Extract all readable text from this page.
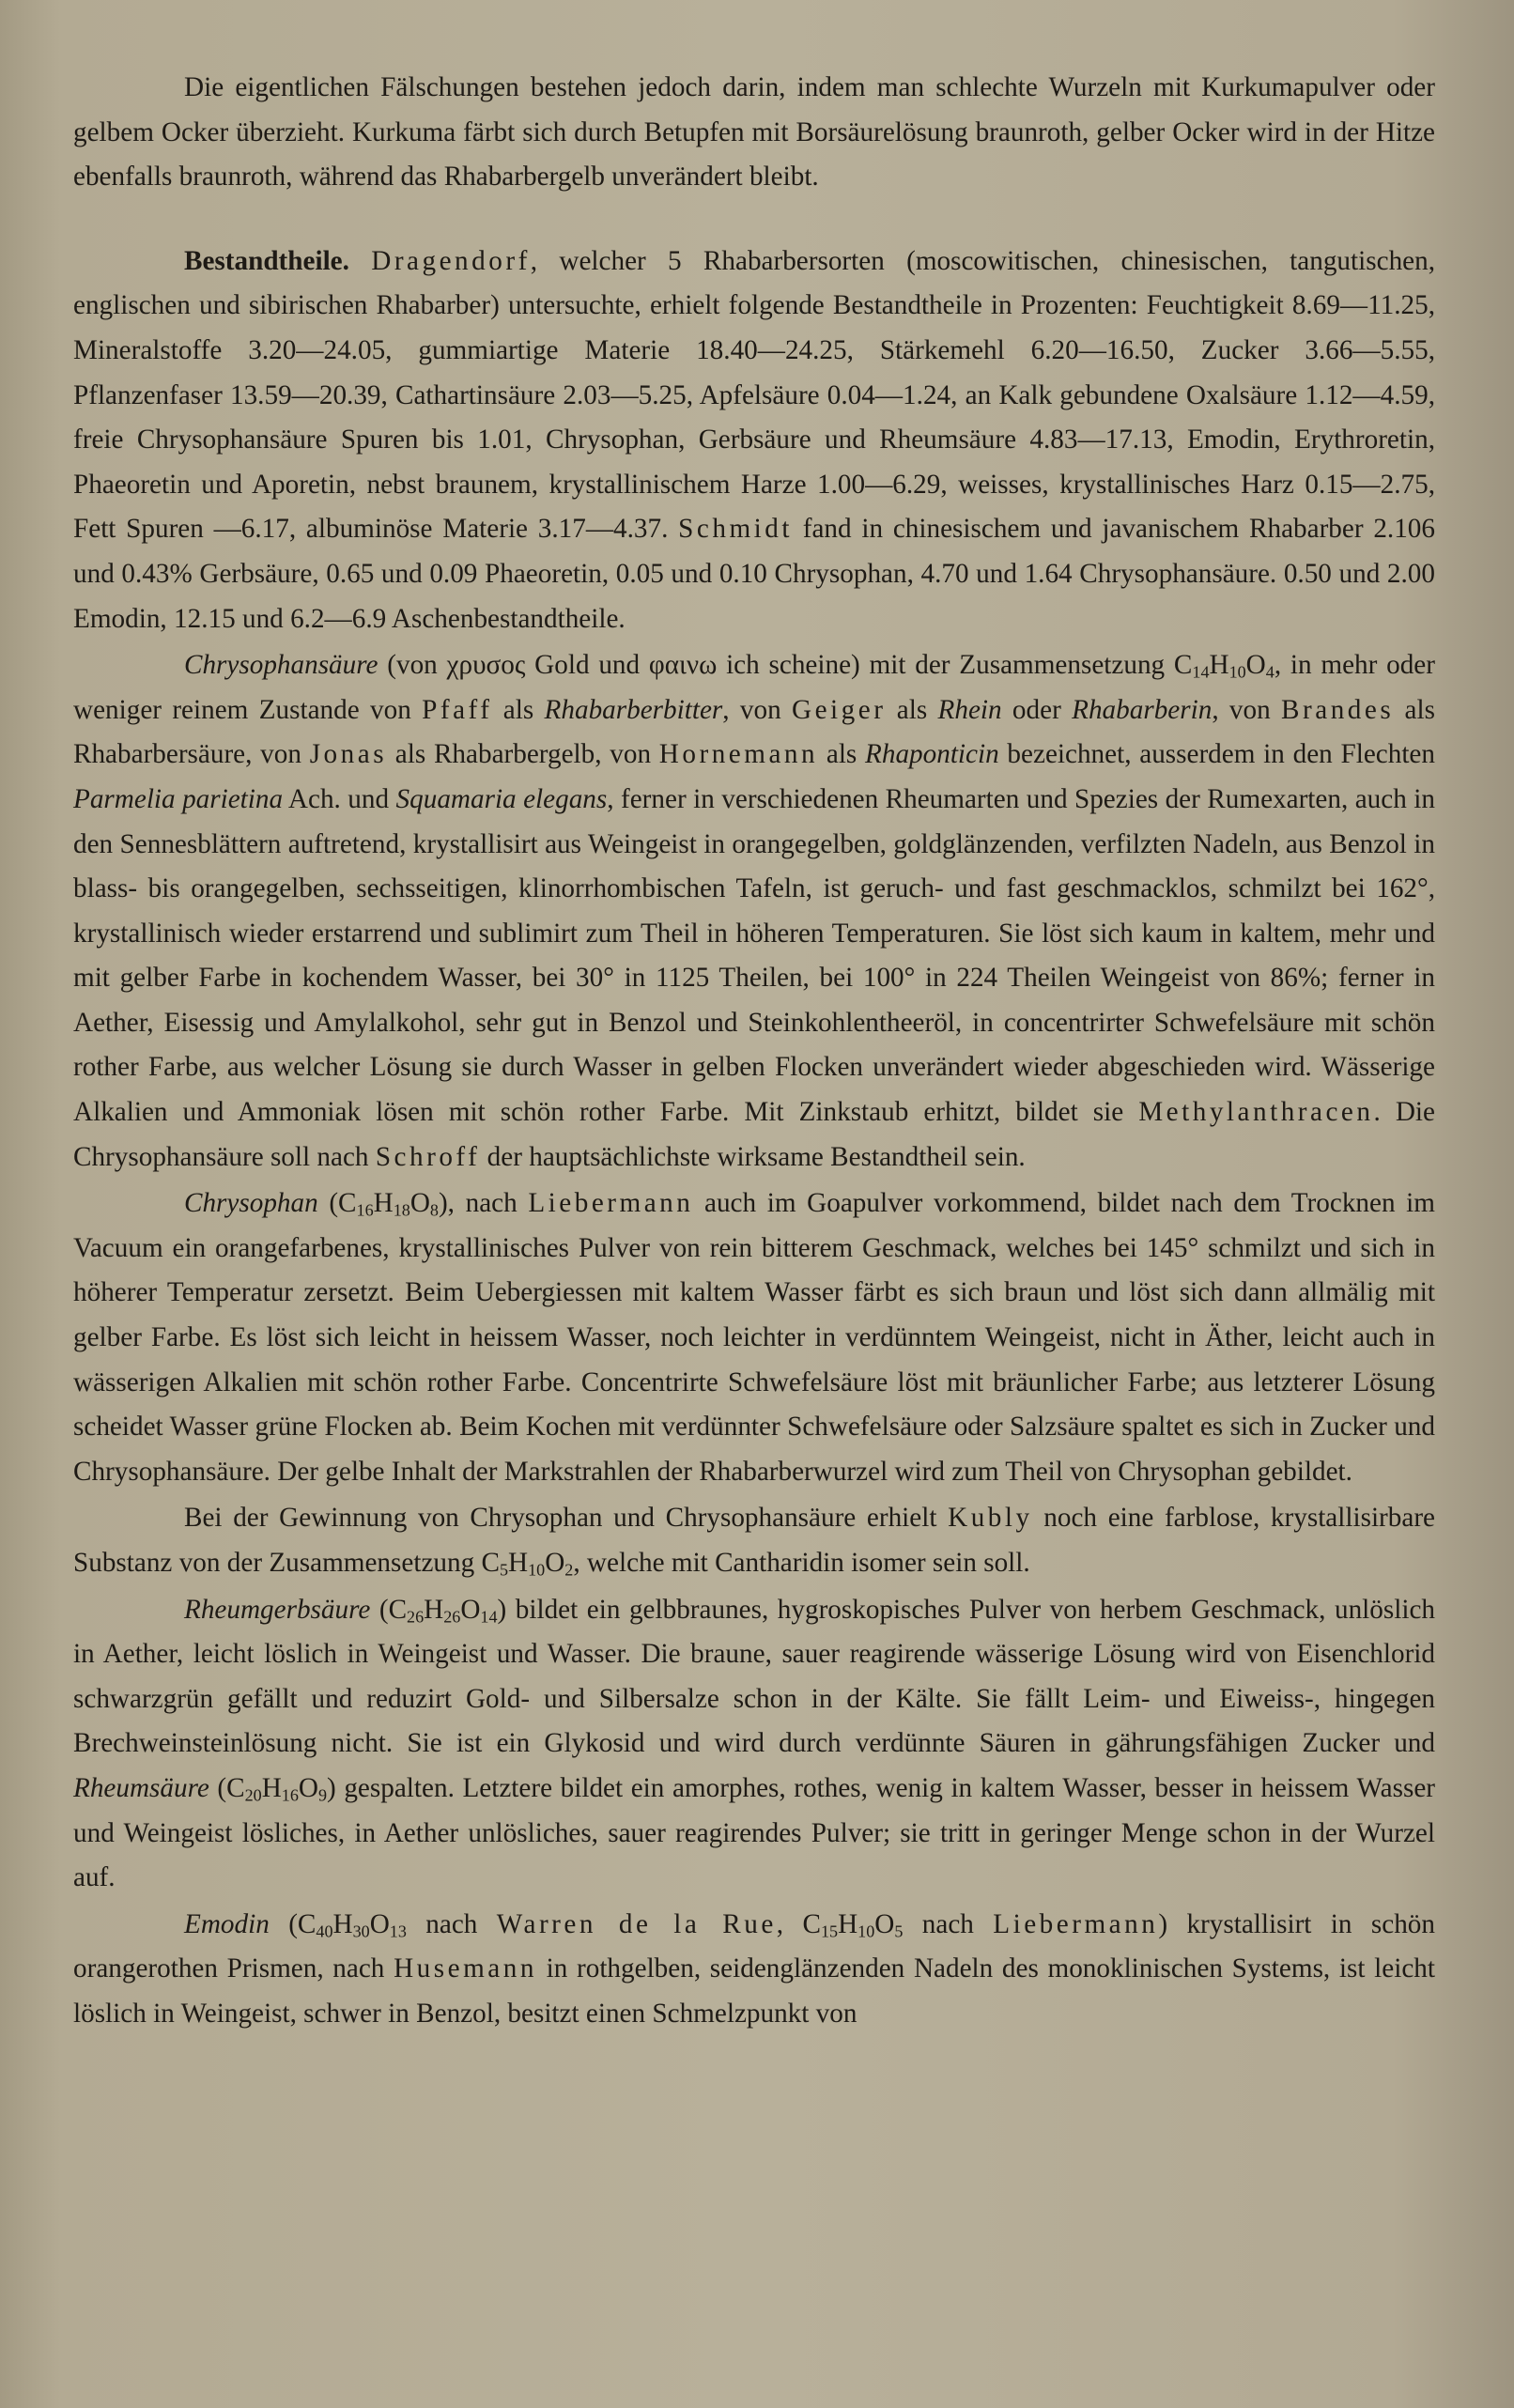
Die eigentlichen Fälschungen bestehen jedoch darin, indem man schlechte Wurzeln mit Kurkumapulver oder gelbem Ocker überzieht. Kurkuma färbt sich durch Betupfen mit Borsäurelösung braunroth, gelber Ocker wird in der Hitze ebenfalls braunroth, während das Rhabarbergelb unverändert bleibt.

Bestandtheile. Dragendorf, welcher 5 Rhabarbersorten (moscowitischen, chinesischen, tangutischen, englischen und sibirischen Rhabarber) untersuchte, erhielt folgende Bestandtheile in Prozenten: Feuchtigkeit 8.69—11.25, Mineralstoffe 3.20—24.05, gummiartige Materie 18.40—24.25, Stärkemehl 6.20—16.50, Zucker 3.66—5.55, Pflanzenfaser 13.59—20.39, Cathartinsäure 2.03—5.25, Apfelsäure 0.04—1.24, an Kalk gebundene Oxalsäure 1.12—4.59, freie Chrysophansäure Spuren bis 1.01, Chrysophan, Gerbsäure und Rheumsäure 4.83—17.13, Emodin, Erythroretin, Phaeoretin und Aporetin, nebst braunem, krystallinischem Harze 1.00—6.29, weisses, krystallinisches Harz 0.15—2.75, Fett Spuren —6.17, albuminöse Materie 3.17—4.37. Schmidt fand in chinesischem und javanischem Rhabarber 2.106 und 0.43% Gerbsäure, 0.65 und 0.09 Phaeoretin, 0.05 und 0.10 Chrysophan, 4.70 und 1.64 Chrysophansäure. 0.50 und 2.00 Emodin, 12.15 und 6.2—6.9 Aschenbestandtheile.

Chrysophansäure (von χρυσος Gold und φαινω ich scheine) mit der Zusammensetzung $C_{14}H_{10}O_4$, in mehr oder weniger reinem Zustande von Pfaff als Rhabarberbitter, von Geiger als Rhein oder Rhabarberin, von Brandes als Rhabarbersäure, von Jonas als Rhabarbergelb, von Hornemann als Rhaponticin bezeichnet, ausserdem in den Flechten Parmelia parietina Ach. und Squamaria elegans, ferner in verschiedenen Rheumarten und Spezies der Rumexarten, auch in den Sennesblättern auftretend, krystallisirt aus Weingeist in orangegelben, goldglänzenden, verfilzten Nadeln, aus Benzol in blass- bis orangegelben, sechsseitigen, klinorrhombischen Tafeln, ist geruch- und fast geschmacklos, schmilzt bei 162°, krystallinisch wieder erstarrend und sublimirt zum Theil in höheren Temperaturen. Sie löst sich kaum in kaltem, mehr und mit gelber Farbe in kochendem Wasser, bei 30° in 1125 Theilen, bei 100° in 224 Theilen Weingeist von 86%; ferner in Aether, Eisessig und Amylalkohol, sehr gut in Benzol und Steinkohlentheeröl, in concentrirter Schwefelsäure mit schön rother Farbe, aus welcher Lösung sie durch Wasser in gelben Flocken unverändert wieder abgeschieden wird. Wässerige Alkalien und Ammoniak lösen mit schön rother Farbe. Mit Zinkstaub erhitzt, bildet sie Methylanthracen. Die Chrysophansäure soll nach Schroff der hauptsächlichste wirksame Bestandtheil sein.

Chrysophan $(C_{16}H_{18}O_8)$, nach Liebermann auch im Goapulver vorkommend, bildet nach dem Trocknen im Vacuum ein orangefarbenes, krystallinisches Pulver von rein bitterem Geschmack, welches bei 145° schmilzt und sich in höherer Temperatur zersetzt. Beim Uebergiessen mit kaltem Wasser färbt es sich braun und löst sich dann allmälig mit gelber Farbe. Es löst sich leicht in heissem Wasser, noch leichter in verdünntem Weingeist, nicht in Äther, leicht auch in wässerigen Alkalien mit schön rother Farbe. Concentrirte Schwefelsäure löst mit bräunlicher Farbe; aus letzterer Lösung scheidet Wasser grüne Flocken ab. Beim Kochen mit verdünnter Schwefelsäure oder Salzsäure spaltet es sich in Zucker und Chrysophansäure. Der gelbe Inhalt der Markstrahlen der Rhabarberwurzel wird zum Theil von Chrysophan gebildet.

Bei der Gewinnung von Chrysophan und Chrysophansäure erhielt Kubly noch eine farblose, krystallisirbare Substanz von der Zusammensetzung $C_5H_{10}O_2$, welche mit Cantharidin isomer sein soll.

Rheumgerbsäure $(C_{26}H_{26}O_{14})$ bildet ein gelbbraunes, hygroskopisches Pulver von herbem Geschmack, unlöslich in Aether, leicht löslich in Weingeist und Wasser. Die braune, sauer reagirende wässerige Lösung wird von Eisenchlorid schwarzgrün gefällt und reduzirt Gold- und Silbersalze schon in der Kälte. Sie fällt Leim- und Eiweiss-, hingegen Brechweinsteinlösung nicht. Sie ist ein Glykosid und wird durch verdünnte Säuren in gährungsfähigen Zucker und Rheumsäure $(C_{20}H_{16}O_9)$ gespalten. Letztere bildet ein amorphes, rothes, wenig in kaltem Wasser, besser in heissem Wasser und Weingeist lösliches, in Aether unlösliches, sauer reagirendes Pulver; sie tritt in geringer Menge schon in der Wurzel auf.

Emodin ($C_{40}H_{30}O_{13}$ nach Warren de la Rue, $C_{15}H_{10}O_5$ nach Liebermann) krystallisirt in schön orangerothen Prismen, nach Husemann in rothgelben, seidenglänzenden Nadeln des monoklinischen Systems, ist leicht löslich in Weingeist, schwer in Benzol, besitzt einen Schmelzpunkt von
